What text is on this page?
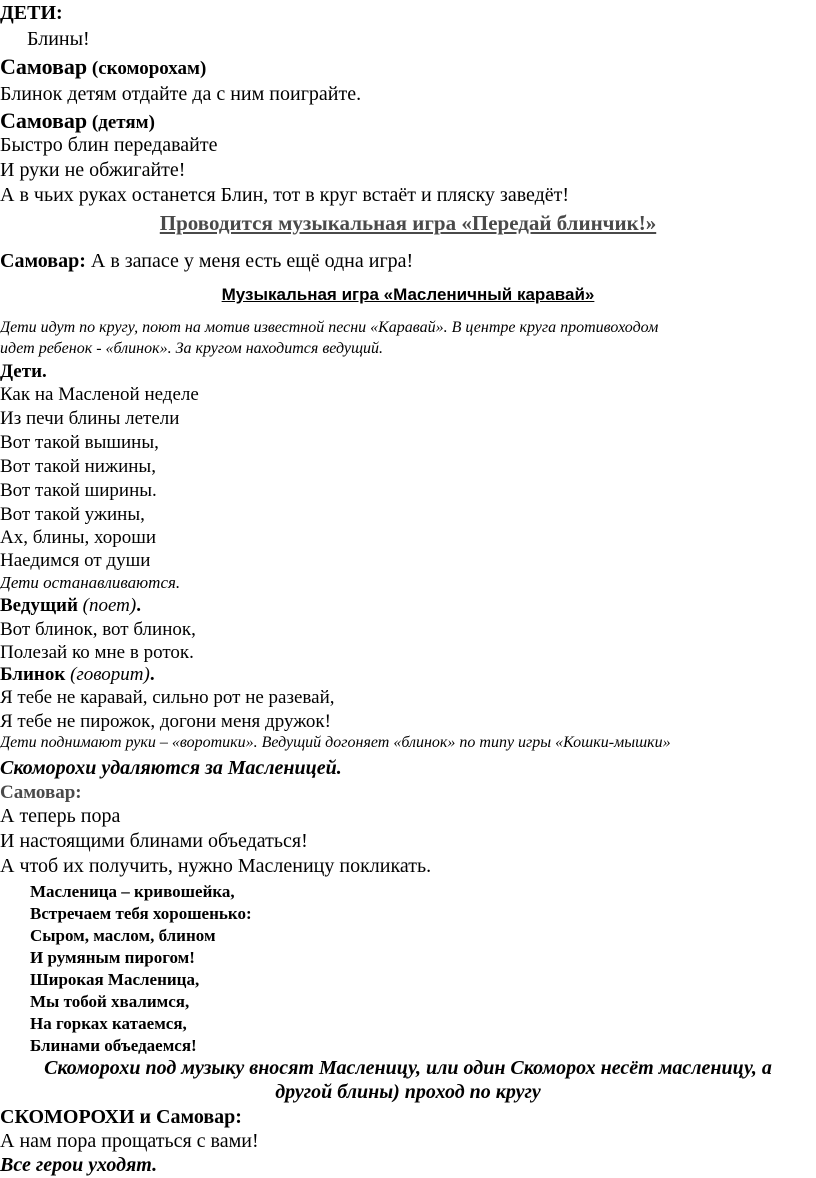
ДЕТИ:
Блины!
Самовар (скоморохам)
Блинок детям отдайте да с ним поиграйте.
Самовар (детям)
Быстро блин передавайте
И руки не обжигайте!
А в чьих руках останется Блин, тот в круг встаёт и пляску заведёт!
Проводится музыкальная игра «Передай блинчик!»
Самовар: А в запасе у меня есть ещё одна игра!
Музыкальная игра «Масленичный каравай»
Дети идут по кругу, поют на мотив известной песни «Каравай». В центре круга противоходом
идет ребенок - «блинок». За кругом находится ведущий.
Дети.
Как на Масленой неделе
Из печи блины летели
Вот такой вышины,
Вот такой нижины,
Вот такой ширины.
Вот такой ужины,
Ах, блины, хороши
Наедимся от души
Дети останавливаются.
Ведущий (поет).
Вот блинок, вот блинок,
Полезай ко мне в роток.
Блинок (говорит).
Я тебе не каравай, сильно рот не разевай,
Я тебе не пирожок, догони меня дружок!
Дети поднимают руки – «воротики». Ведущий догоняет «блинок» по типу игры «Кошки-мышки»
Скоморохи удаляются за Масленицей.
Самовар:
А теперь пора
И настоящими блинами объедаться!
А чтоб их получить, нужно Масленицу покликать.
Масленица – кривошейка,
Встречаем тебя хорошенько:
Сыром, маслом, блином
И румяным пирогом!
Широкая Масленица,
Мы тобой хвалимся,
На горках катаемся,
Блинами объедаемся!
Скоморохи под музыку вносят Масленицу, или один Скоморох несёт масленицу, а
другой блины) проход по кругу
СКОМОРОХИ и Самовар:
А нам пора прощаться с вами!
Все герои уходят.
